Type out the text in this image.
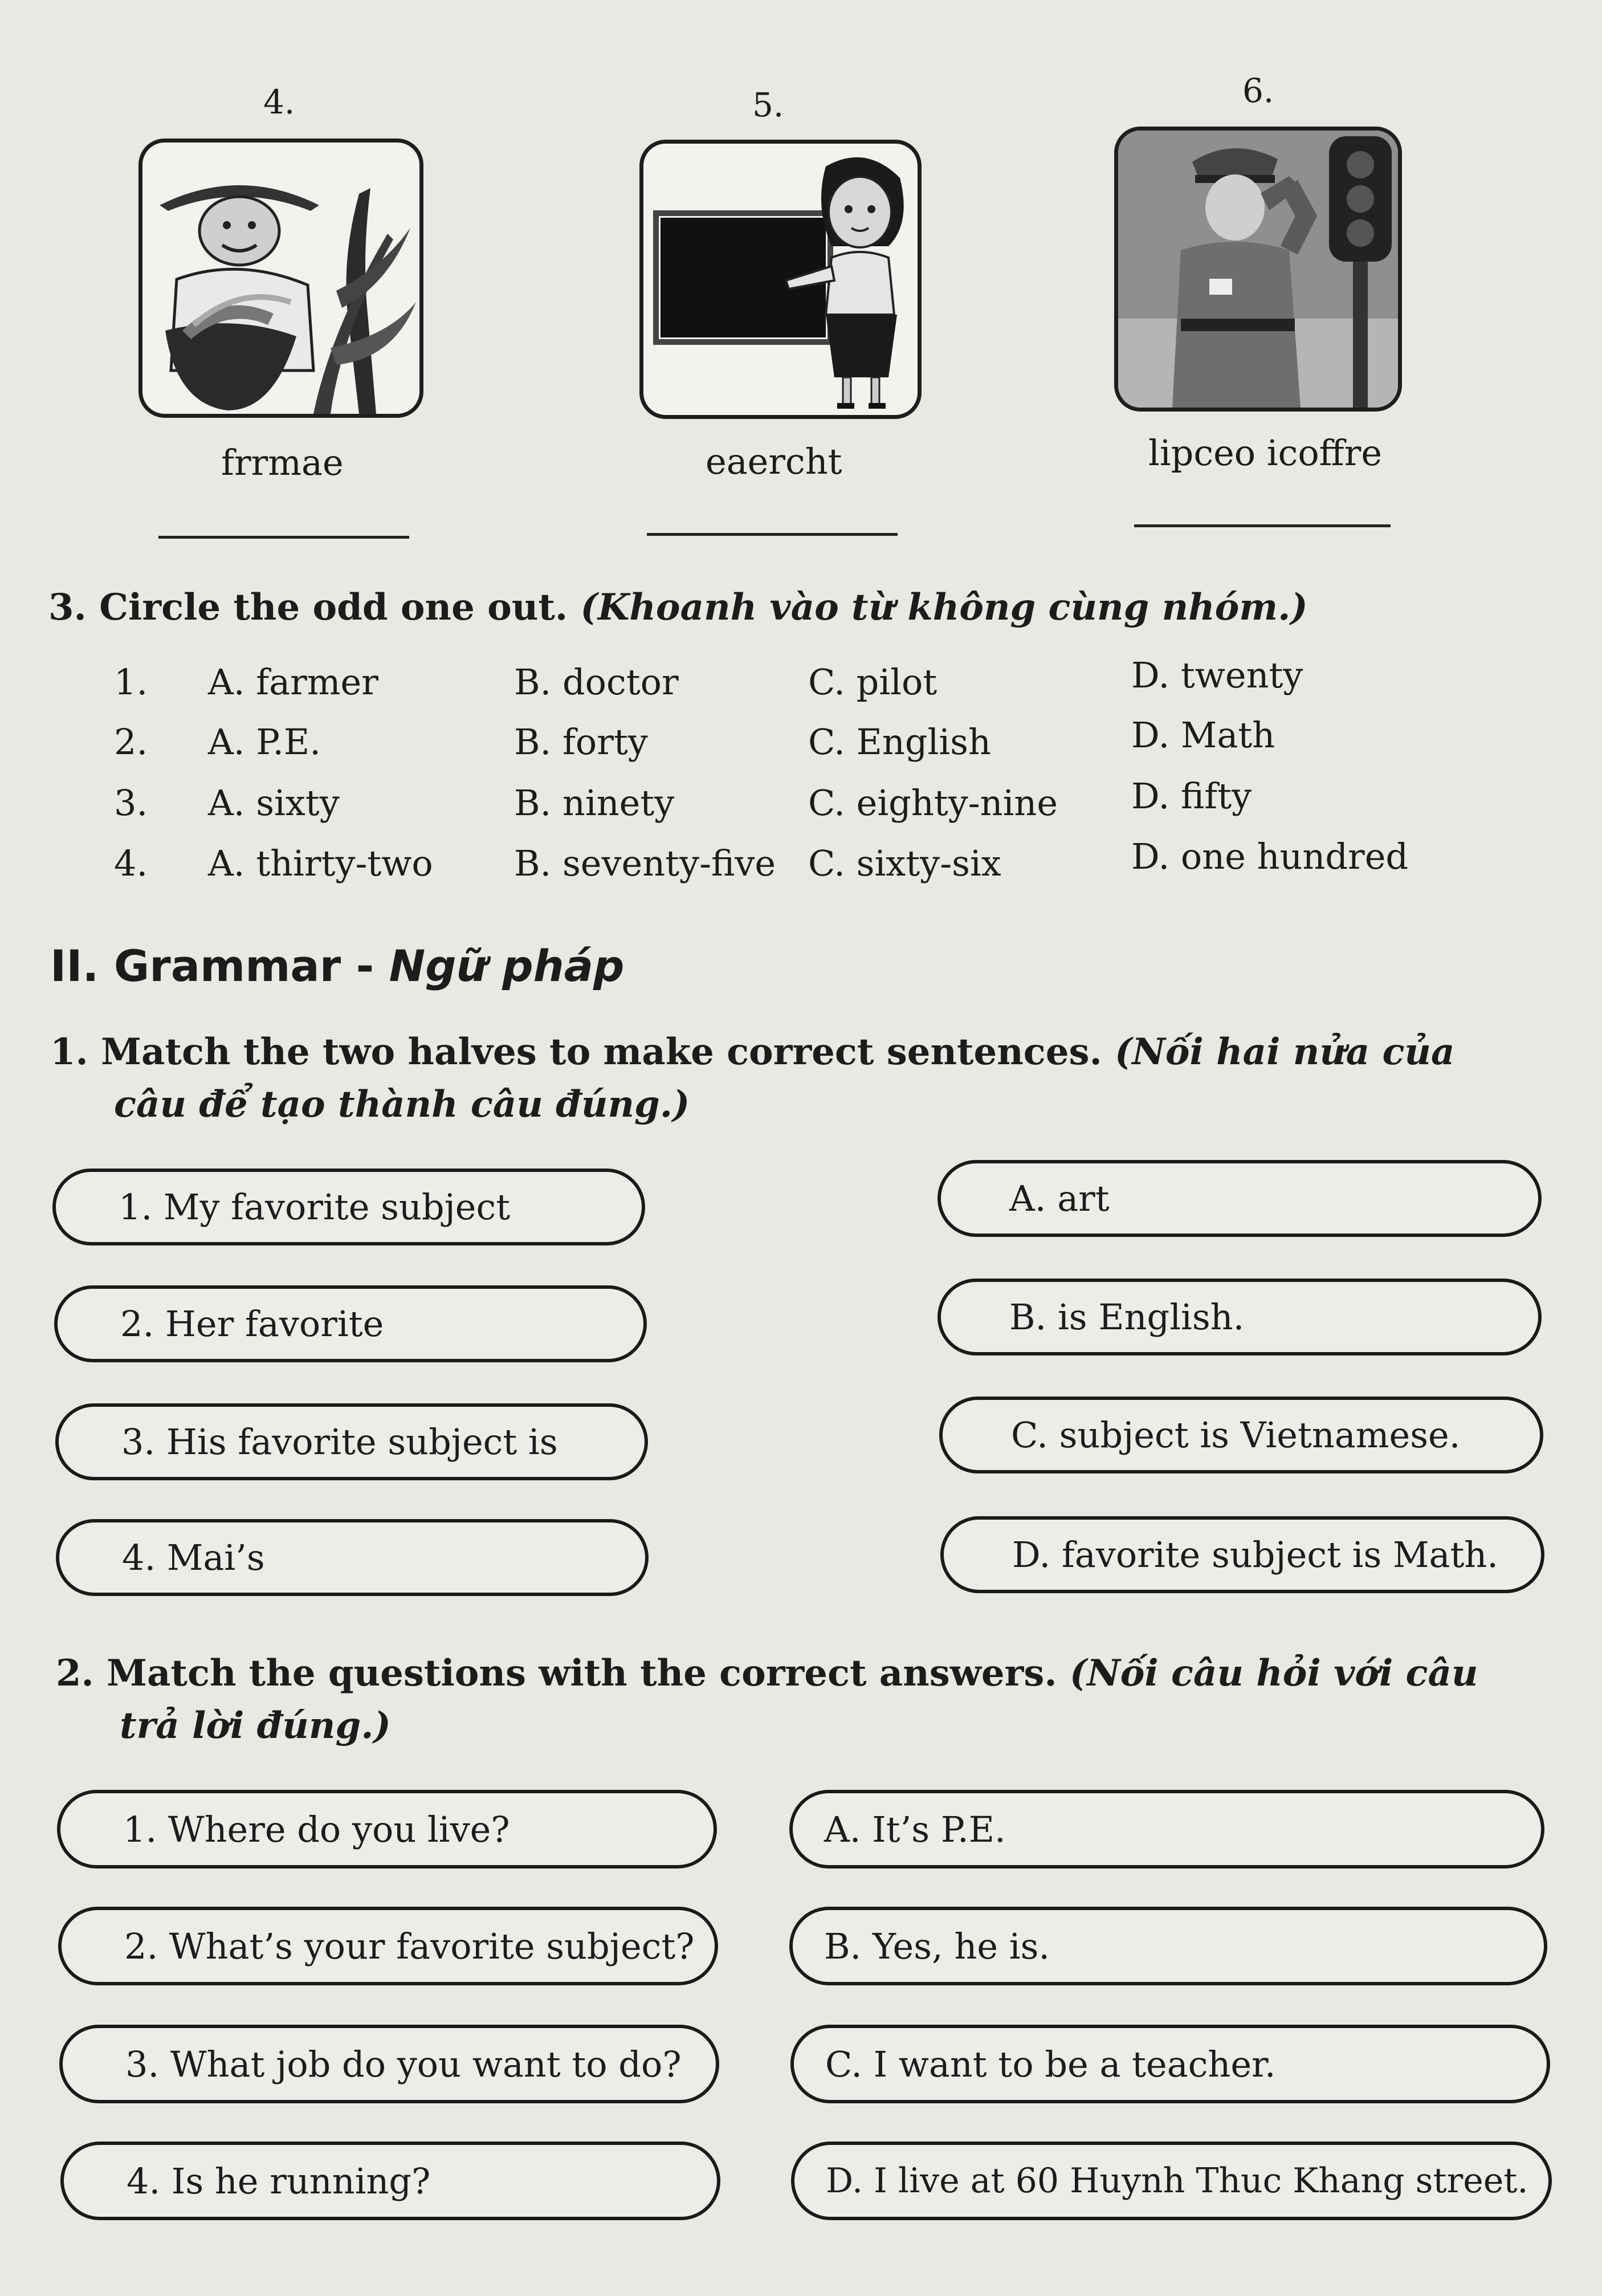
4.	5.	6.
frrmae	eaercht	lipceo icoffre
3. Circle the odd one out. (Khoanh vào từ không cùng nhóm.)
1. A. farmer	B. doctor	C. pilot	D. twenty
2. A. P.E.	B. forty	C. English	D. Math
3. A. sixty	B. ninety	C. eighty-nine D. fifty
4. A. thirty-two B. seventy-five C. sixty-six	D. one hundred
II. Grammar - Ngữ pháp
1. Match the two halves to make correct sentences. (Nối hai nửa của
câu để tạo thành câu đúng.)
1. My favorite subject
2. Her favorite
3. His favorite subject is
4. Mai’s
A. art
B. is English.
C. subject is Vietnamese.
D. favorite subject is Math.
2. Match the questions with the correct answers. (Nối câu hỏi với câu
trả lời đúng.)
1. Where do you live?
2. What’s your favorite subject?
3. What job do you want to do?
4. Is he running?
A. It’s P.E.
B. Yes, he is.
C. I want to be a teacher.
D. I live at 60 Huynh Thuc Khang street.
